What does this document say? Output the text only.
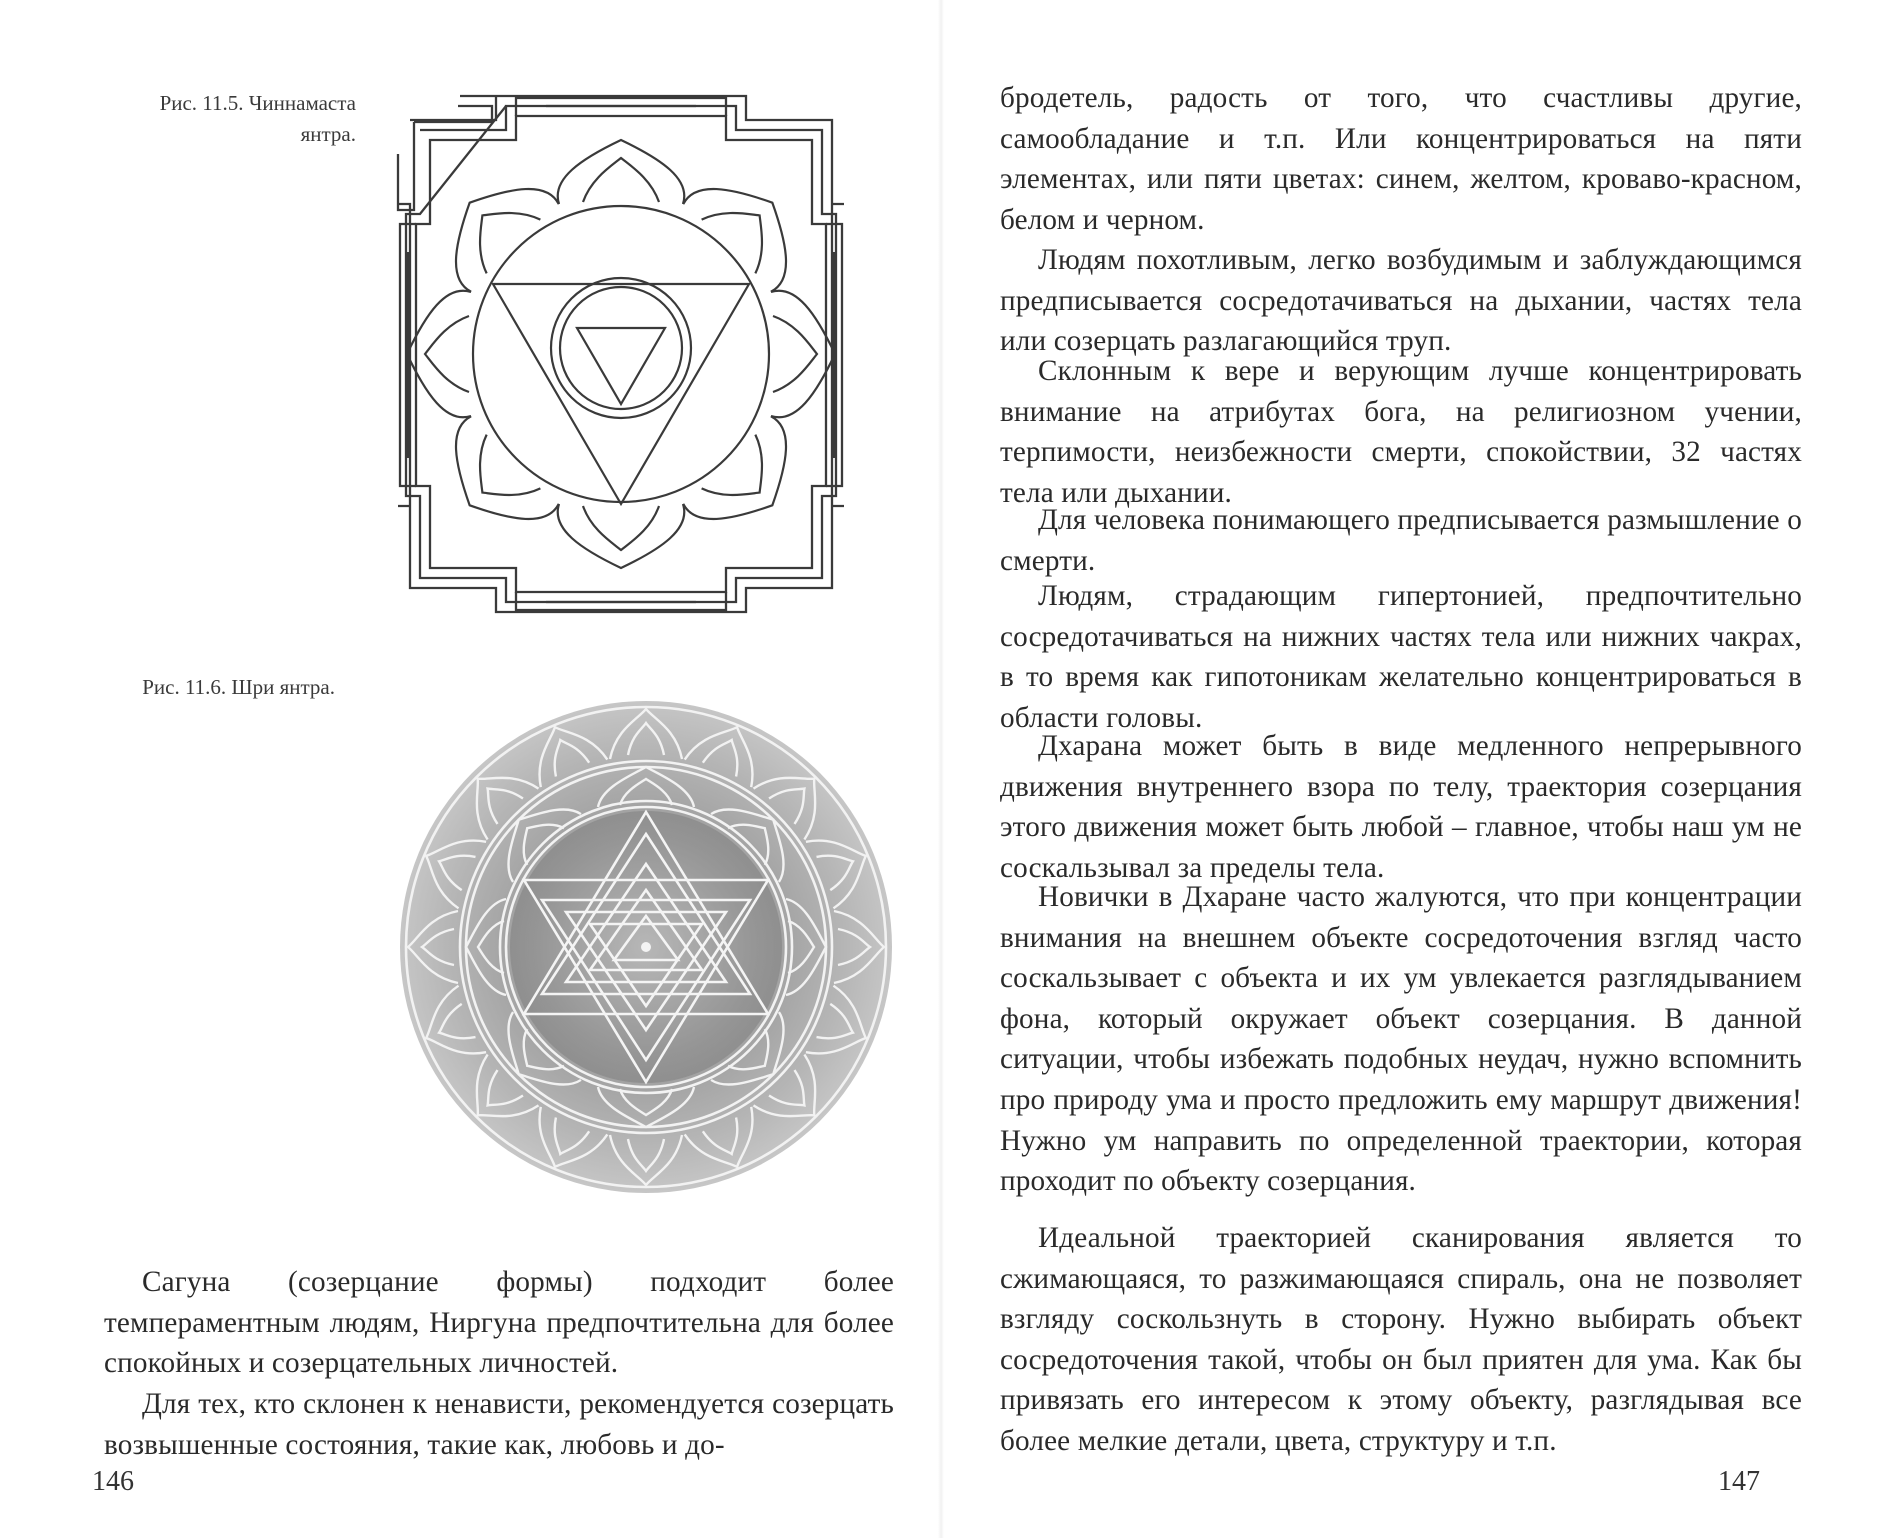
Рис. 11.5. Чиннамаста
янтра.
Рис. 11.6. Шри янтра.

Сагуна (созерцание формы) подходит более темпераментным людям, Ниргуна предпочтительна для более спокойных и созерцательных личностей.

Для тех, кто склонен к ненависти, рекомендуется созерцать возвышенные состояния, такие как, любовь и до-

146

бродетель, радость от того, что счастливы другие, самообладание и т.п. Или концентрироваться на пяти элементах, или пяти цветах: синем, желтом, кроваво-красном, белом и черном.

Людям похотливым, легко возбудимым и заблуждающимся предписывается сосредотачиваться на дыхании, частях тела или созерцать разлагающийся труп.

Склонным к вере и верующим лучше концентрировать внимание на атрибутах бога, на религиозном учении, терпимости, неизбежности смерти, спокойствии, 32 частях тела или дыхании.

Для человека понимающего предписывается размышление о смерти.

Людям, страдающим гипертонией, предпочтительно сосредотачиваться на нижних частях тела или нижних чакрах, в то время как гипотоникам желательно концентрироваться в области головы.

Дхарана может быть в виде медленного непрерывного движения внутреннего взора по телу, траектория созерцания этого движения может быть любой – главное, чтобы наш ум не соскальзывал за пределы тела.

Новички в Дхаране часто жалуются, что при концентрации внимания на внешнем объекте сосредоточения взгляд часто соскальзывает с объекта и их ум увлекается разглядыванием фона, который окружает объект созерцания. В данной ситуации, чтобы избежать подобных неудач, нужно вспомнить про природу ума и просто предложить ему маршрут движения! Нужно ум направить по определенной траектории, которая проходит по объекту созерцания.

Идеальной траекторией сканирования является то сжимающаяся, то разжимающаяся спираль, она не позволяет взгляду соскользнуть в сторону. Нужно выбирать объект сосредоточения такой, чтобы он был приятен для ума. Как бы привязать его интересом к этому объекту, разглядывая все более мелкие детали, цвета, структуру и т.п.

147
